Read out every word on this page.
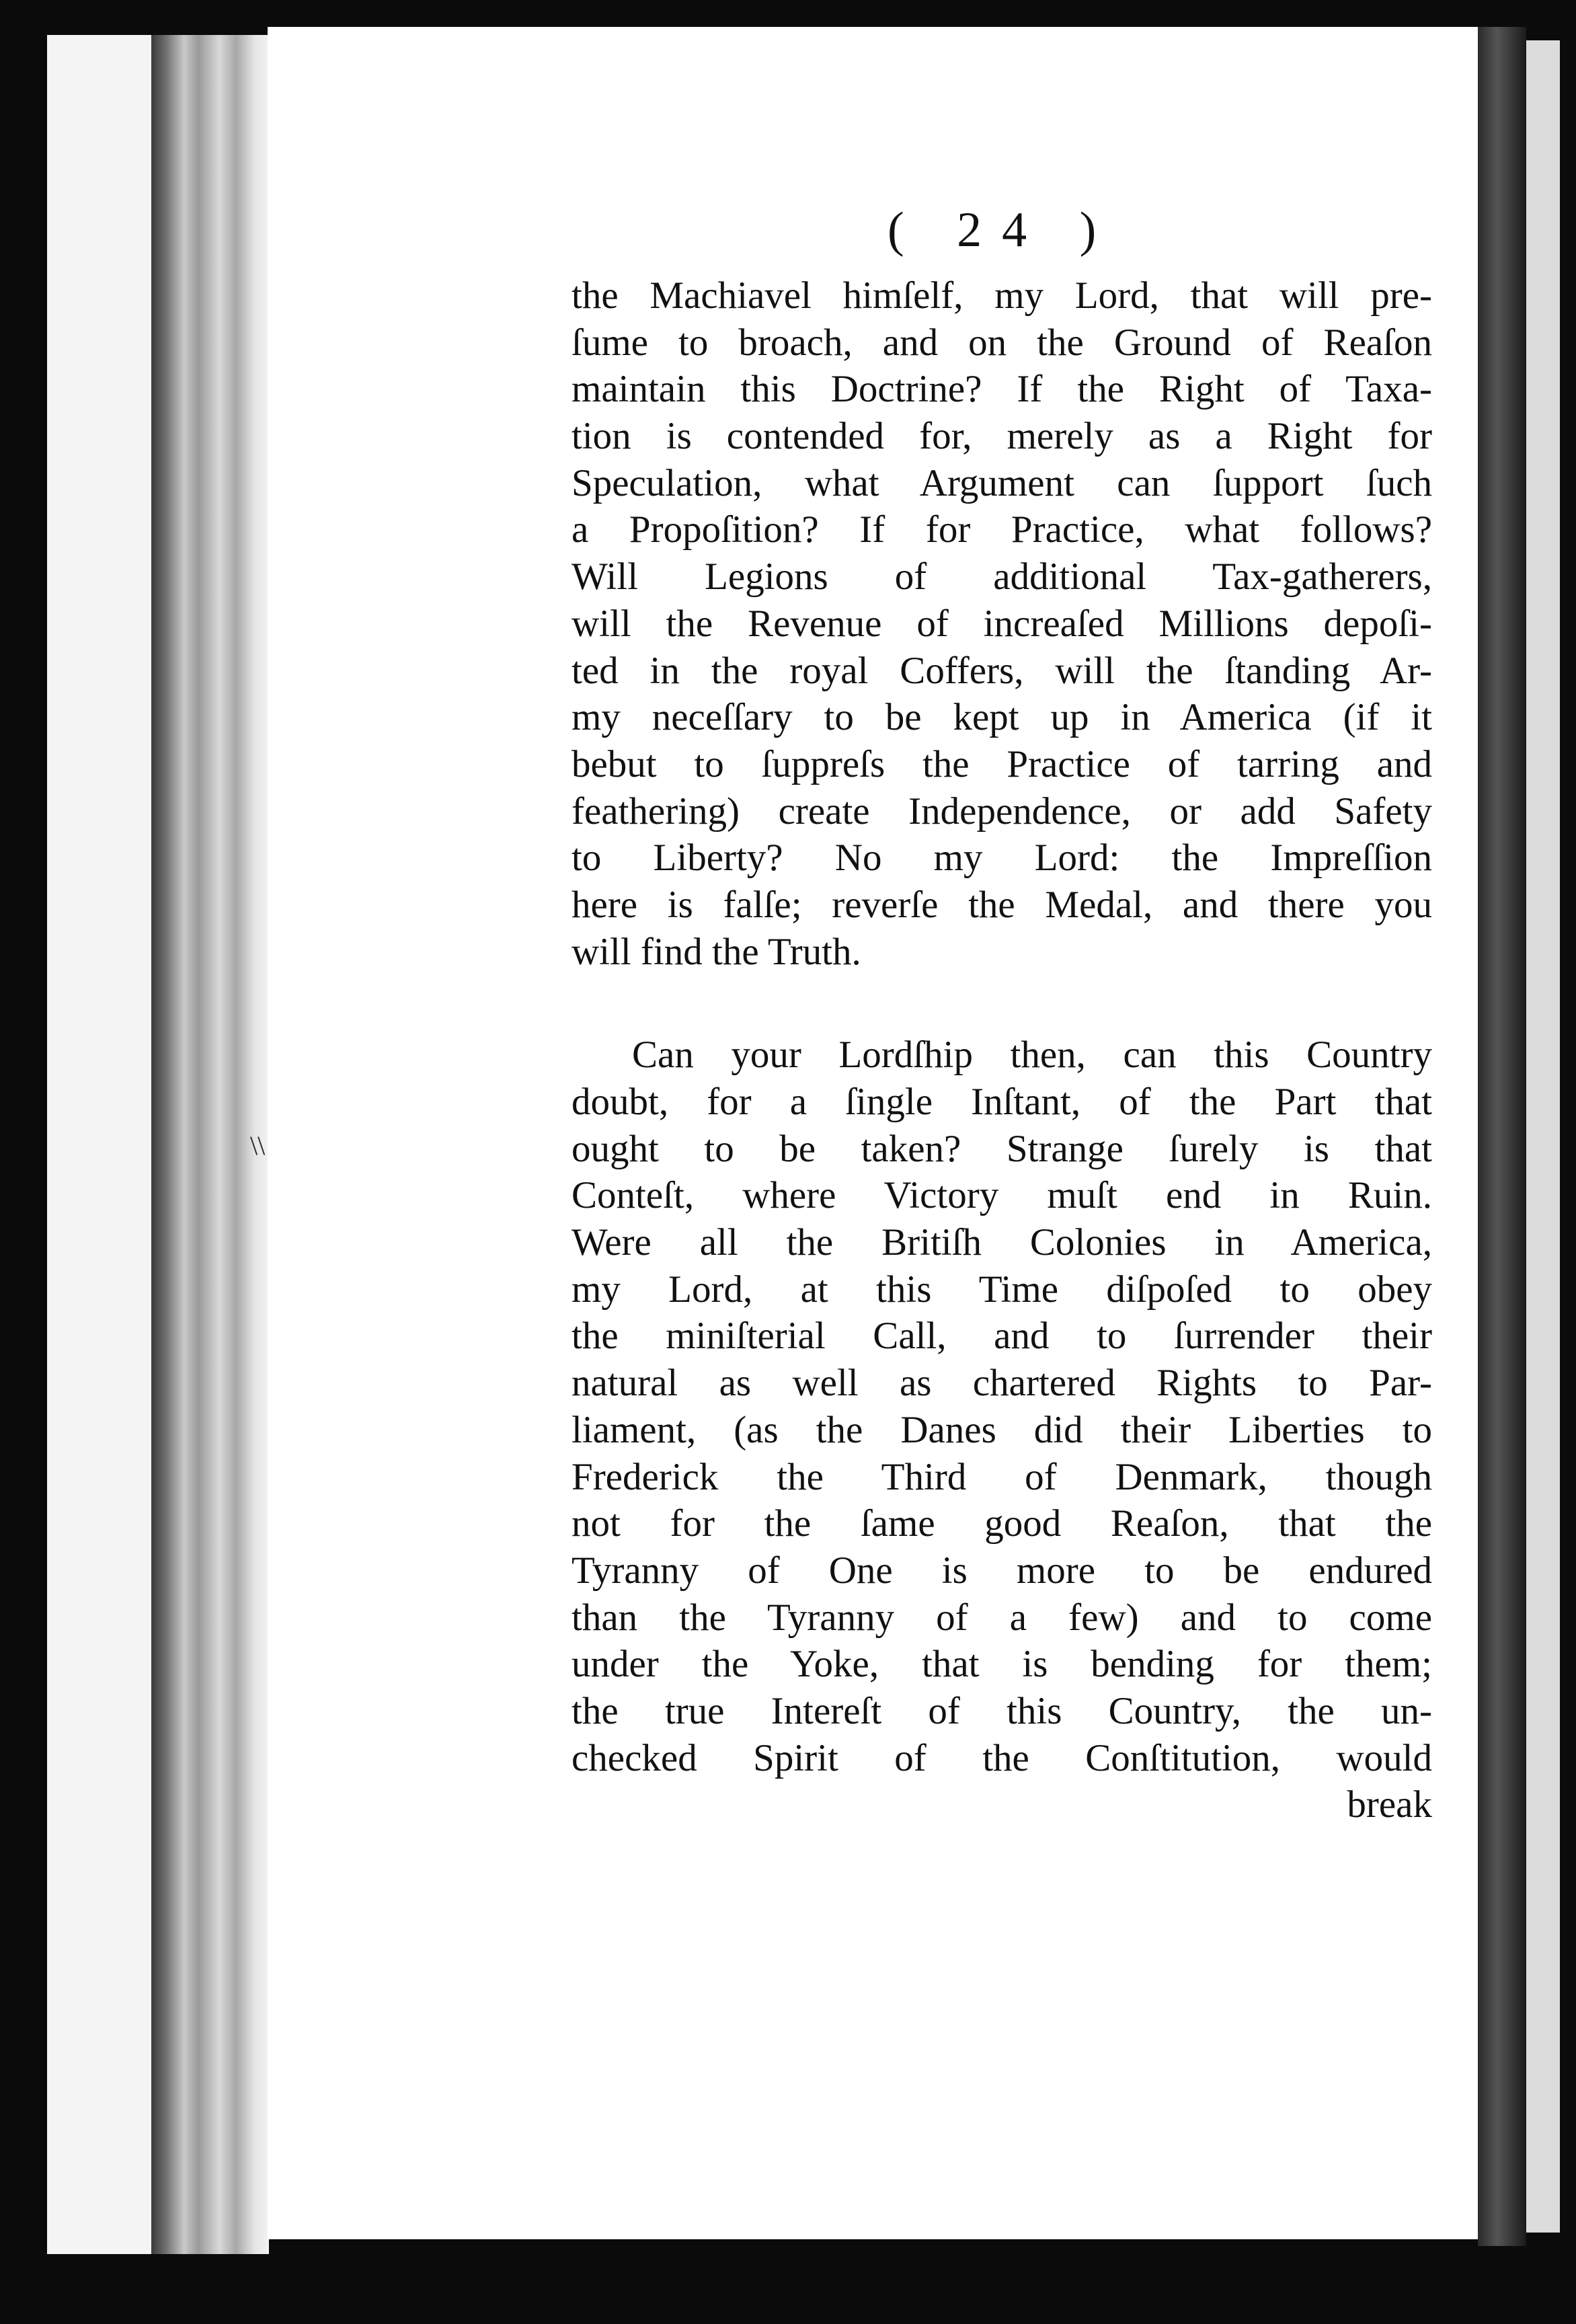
( 24 )
\\
the Machiavel himſelf, my Lord, that will pre-
ſume to broach, and on the Ground of Reaſon
maintain this Doctrine? If the Right of Taxa-
tion is contended for, merely as a Right for
Speculation, what Argument can ſupport ſuch
a Propoſition? If for Practice, what follows?
Will Legions of additional Tax-gatherers,
will the Revenue of increaſed Millions depoſi-
ted in the royal Coffers, will the ſtanding Ar-
my neceſſary to be kept up in America (if it
bebut to ſuppreſs the Practice of tarring and
feathering) create Independence, or add Safety
to Liberty? No my Lord: the Impreſſion
here is falſe; reverſe the Medal, and there you
will find the Truth.
Can your Lordſhip then, can this Country
doubt, for a ſingle Inſtant, of the Part that
ought to be taken? Strange ſurely is that
Conteſt, where Victory muſt end in Ruin.
Were all the Britiſh Colonies in America,
my Lord, at this Time diſpoſed to obey
the miniſterial Call, and to ſurrender their
natural as well as chartered Rights to Par-
liament, (as the Danes did their Liberties to
Frederick the Third of Denmark, though
not for the ſame good Reaſon, that the
Tyranny of One is more to be endured
than the Tyranny of a few) and to come
under the Yoke, that is bending for them;
the true Intereſt of this Country, the un-
checked Spirit of the Conſtitution, would
break
